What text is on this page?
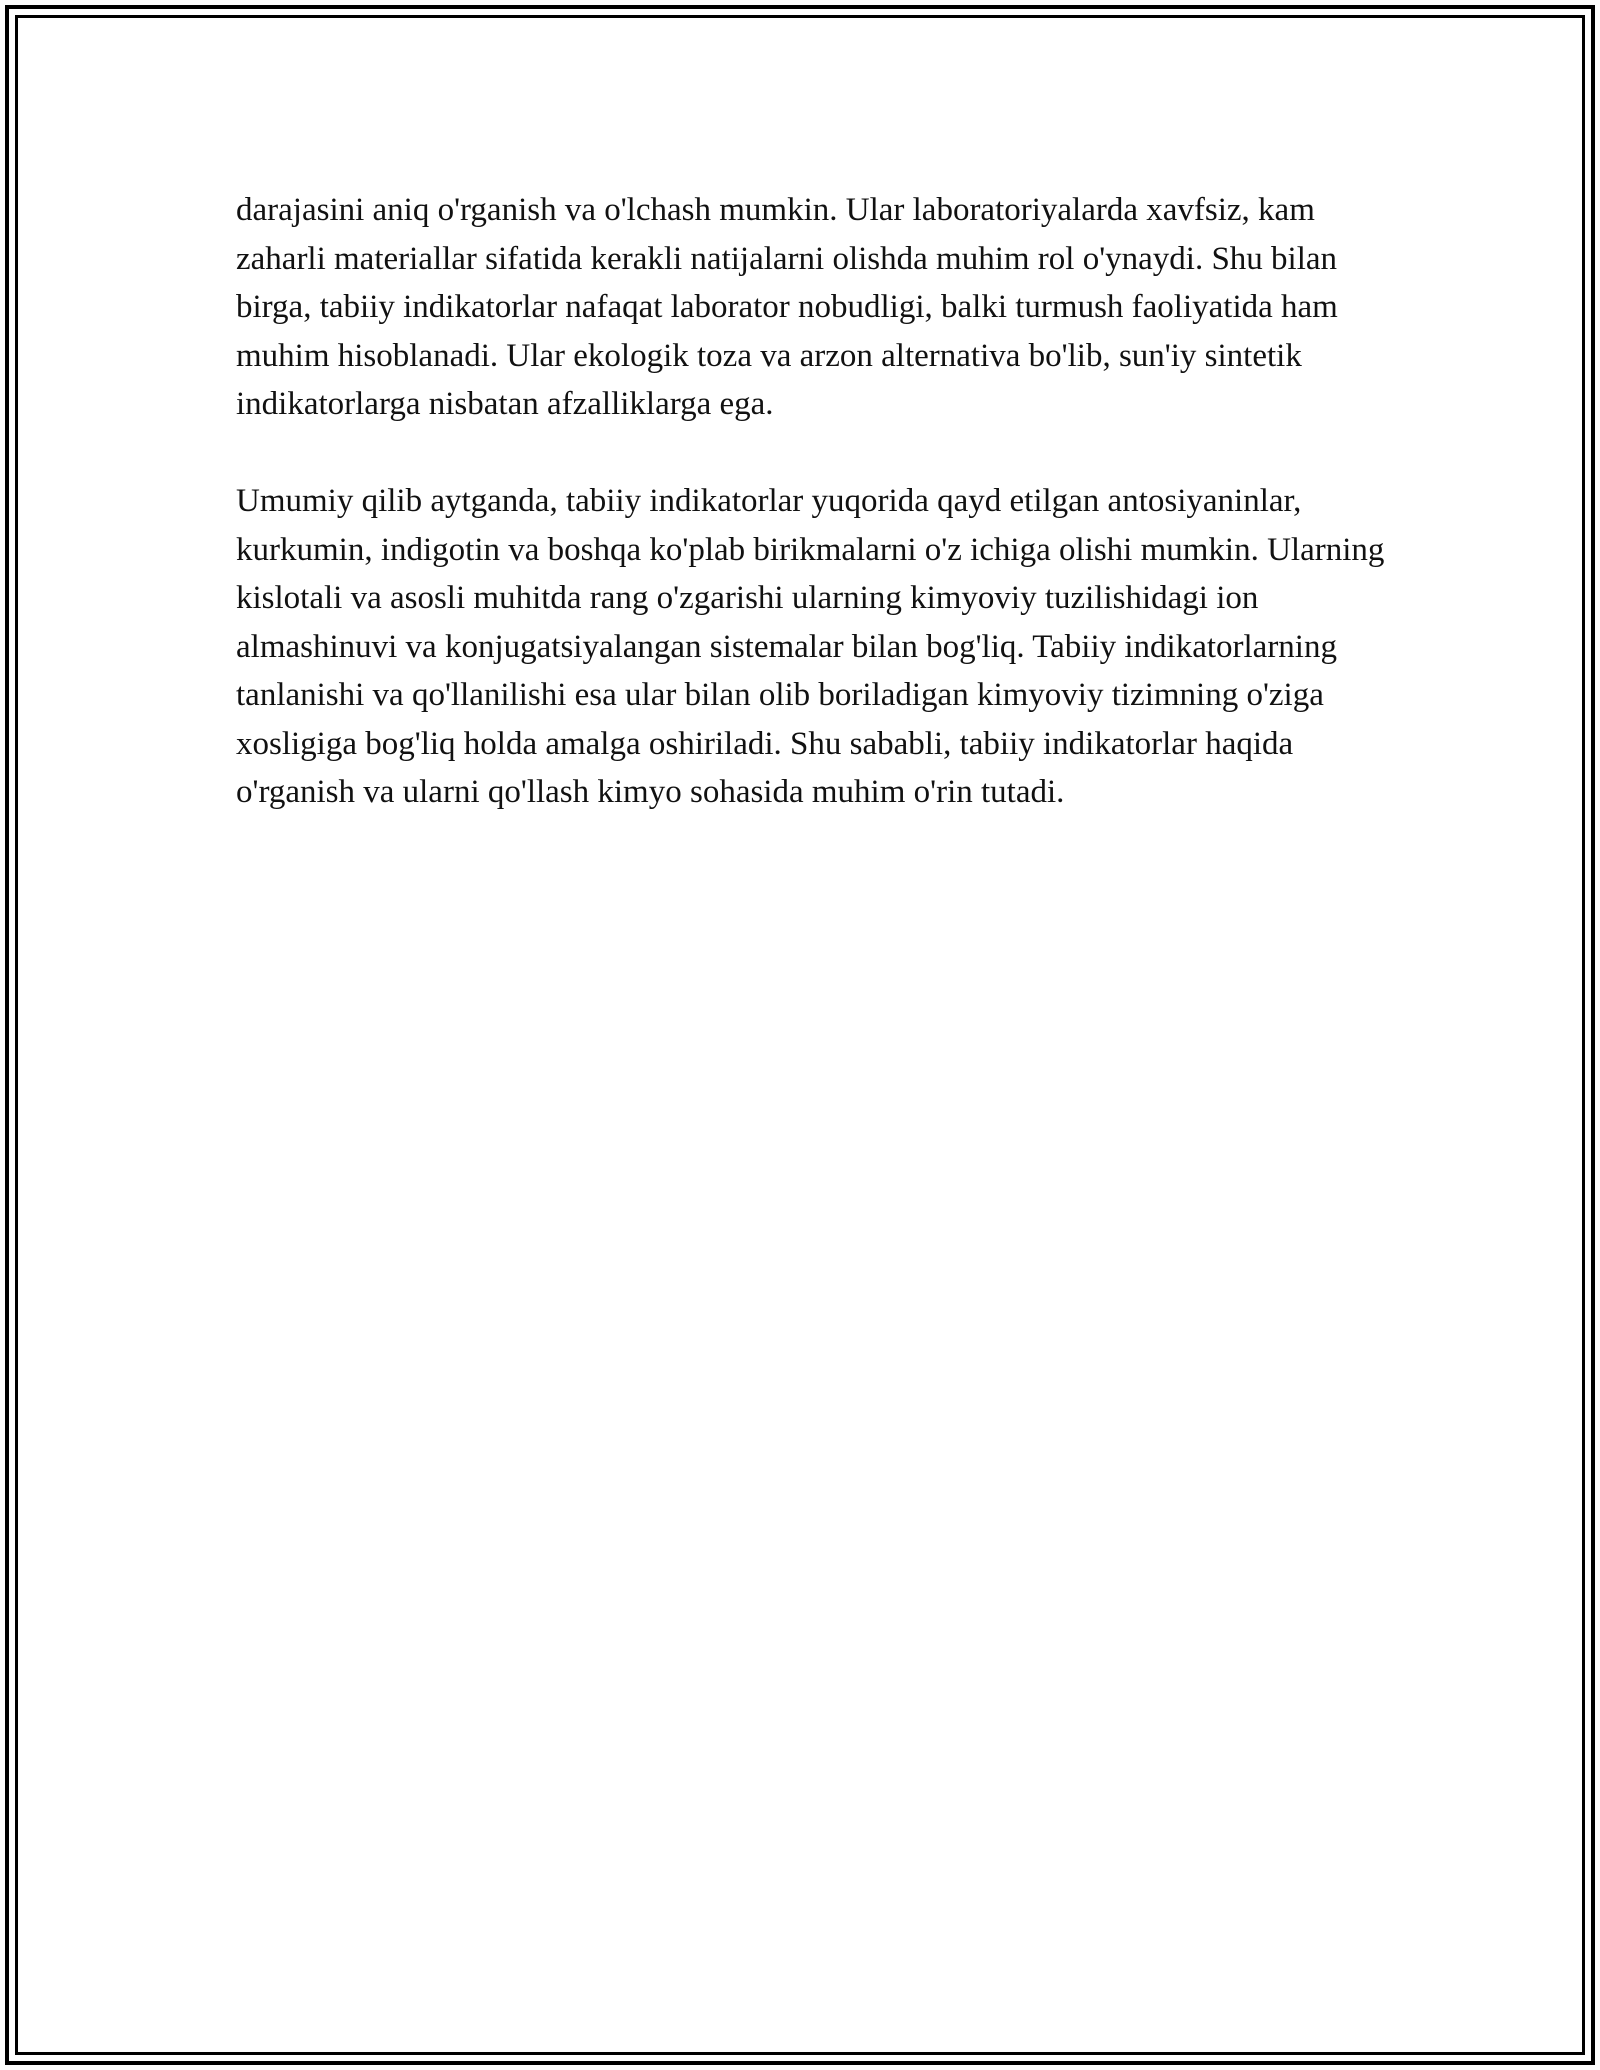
darajasini aniq o'rganish va o'lchash mumkin. Ular laboratoriyalarda xavfsiz, kam zaharli materiallar sifatida kerakli natijalarni olishda muhim rol o'ynaydi. Shu bilan birga, tabiiy indikatorlar nafaqat laborator nobudligi, balki turmush faoliyatida ham muhim hisoblanadi. Ular ekologik toza va arzon alternativa bo'lib, sun'iy sintetik indikatorlarga nisbatan afzalliklarga ega.

Umumiy qilib aytganda, tabiiy indikatorlar yuqorida qayd etilgan antosiyaninlar, kurkumin, indigotin va boshqa ko'plab birikmalarni o'z ichiga olishi mumkin. Ularning kislotali va asosli muhitda rang o'zgarishi ularning kimyoviy tuzilishidagi ion almashinuvi va konjugatsiyalangan sistemalar bilan bog'liq. Tabiiy indikatorlarning tanlanishi va qo'llanilishi esa ular bilan olib boriladigan kimyoviy tizimning o'ziga xosligiga bog'liq holda amalga oshiriladi. Shu sababli, tabiiy indikatorlar haqida o'rganish va ularni qo'llash kimyo sohasida muhim o'rin tutadi.
